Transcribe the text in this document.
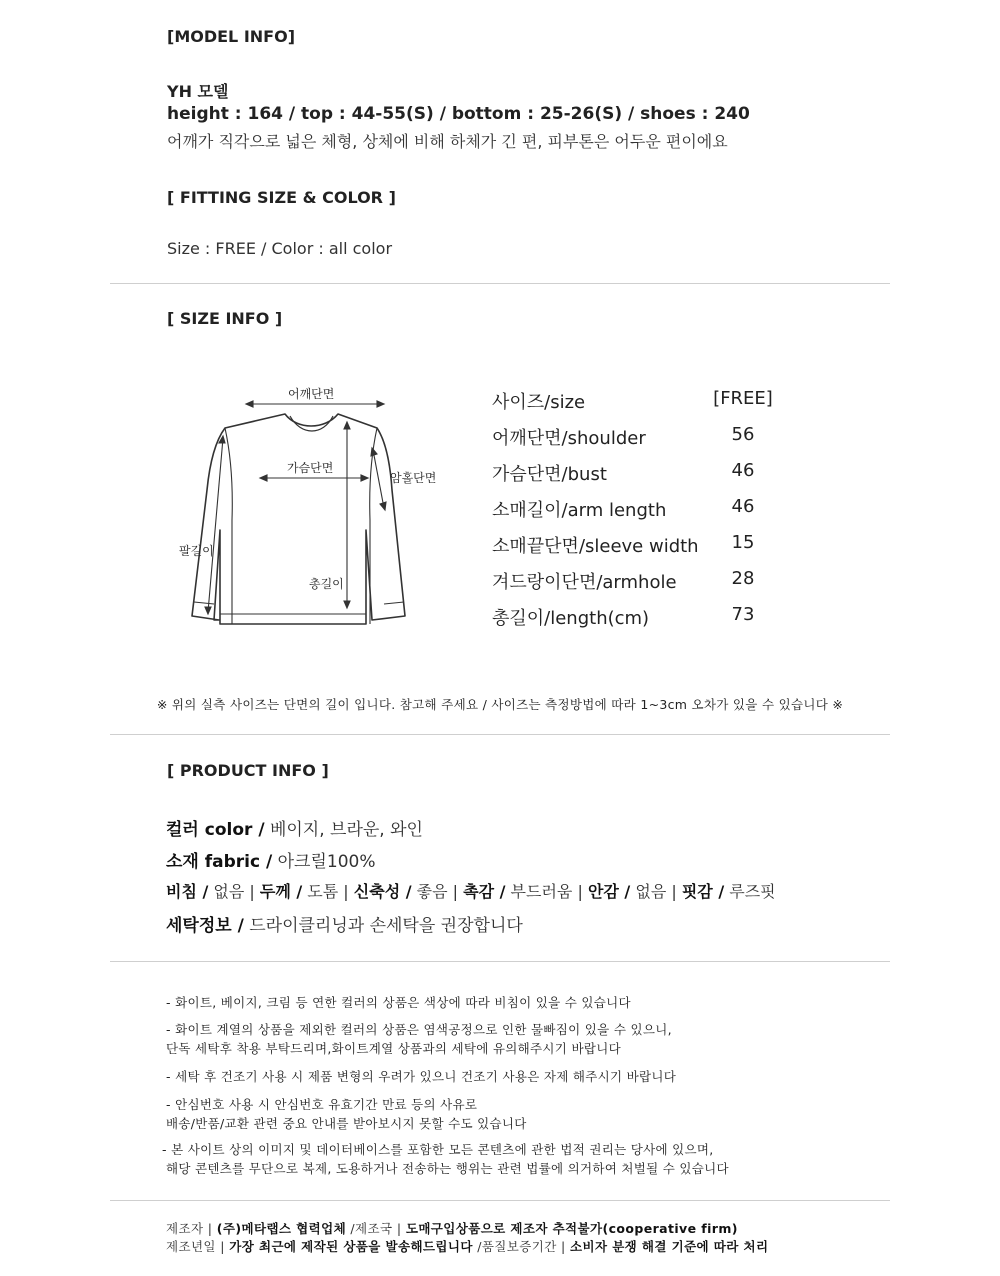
[MODEL INFO]
YH 모델
height : 164 / top : 44-55(S) / bottom : 25-26(S) / shoes : 240
어깨가 직각으로 넓은 체형, 상체에 비해 하체가 긴 편, 피부톤은 어두운 편이에요
[ FITTING SIZE & COLOR ]
Size : FREE / Color : all color
[ SIZE INFO ]
어깨단면
가슴단면
암홀단면
팔길이
총길이
사이즈/size	[FREE]
어깨단면/shoulder	56
가슴단면/bust	46
소매길이/arm length	46
소매끝단면/sleeve width	15
겨드랑이단면/armhole	28
총길이/length(cm)	73
※ 위의 실측 사이즈는 단면의 길이 입니다. 참고해 주세요 / 사이즈는 측정방법에 따라 1~3cm 오차가 있을 수 있습니다 ※
[ PRODUCT INFO ]
컬러 color / 베이지, 브라운, 와인
소재 fabric / 아크릴100%
비침 / 없음 | 두께 / 도톰 | 신축성 / 좋음 | 촉감 / 부드러움 | 안감 / 없음 | 핏감 / 루즈핏
세탁정보 / 드라이클리닝과 손세탁을 권장합니다
- 화이트, 베이지, 크림 등 연한 컬러의 상품은 색상에 따라 비침이 있을 수 있습니다
- 화이트 계열의 상품을 제외한 컬러의 상품은 염색공정으로 인한 물빠짐이 있을 수 있으니,
단독 세탁후 착용 부탁드리며,화이트계열 상품과의 세탁에 유의해주시기 바랍니다
- 세탁 후 건조기 사용 시 제품 변형의 우려가 있으니 건조기 사용은 자제 해주시기 바랍니다
- 안심번호 사용 시 안심번호 유효기간 만료 등의 사유로
배송/반품/교환 관련 중요 안내를 받아보시지 못할 수도 있습니다
- 본 사이트 상의 이미지 및 데이터베이스를 포함한 모든 콘텐츠에 관한 법적 권리는 당사에 있으며,
해당 콘텐츠를 무단으로 복제, 도용하거나 전송하는 행위는 관련 법률에 의거하여 처벌될 수 있습니다
제조자 | (주)메타랩스 협력업체 /제조국 | 도매구입상품으로 제조자 추적불가(cooperative firm)
제조년일 | 가장 최근에 제작된 상품을 발송해드립니다 /품질보증기간 | 소비자 분쟁 해결 기준에 따라 처리
